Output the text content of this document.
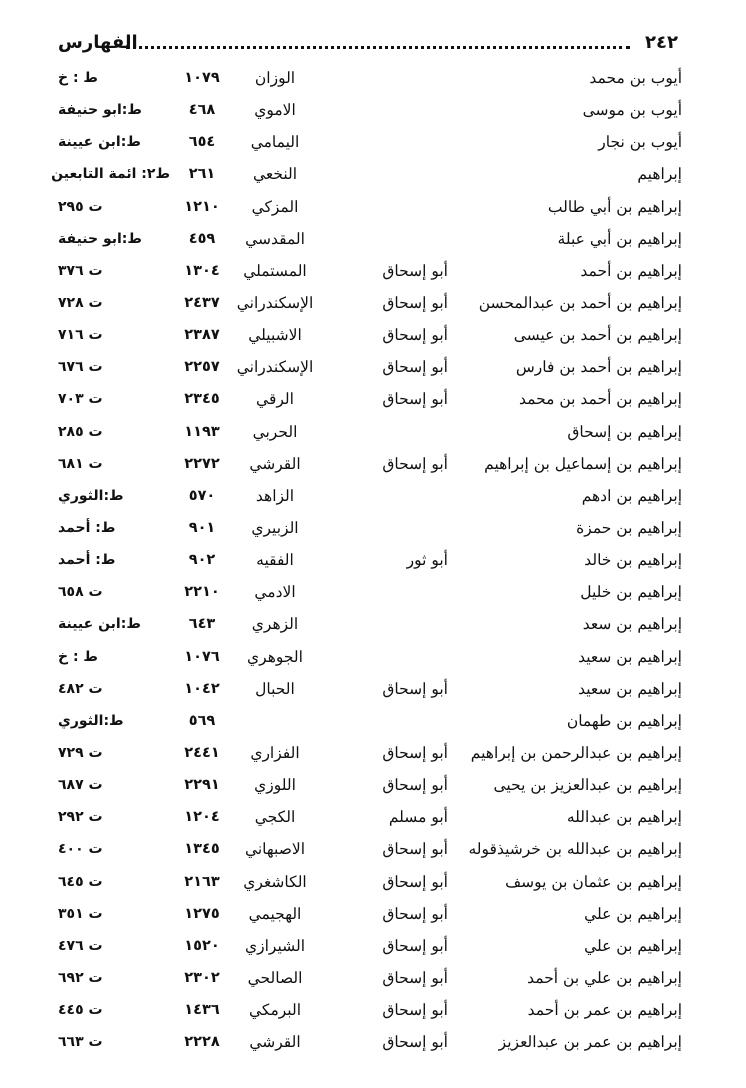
٢٤٢
الفهارس
أيوب بن محمد
الوزان
١٠٧٩
ط : خ
أيوب بن موسى
الاموي
٤٦٨
ط:ابو حنيفة
أيوب بن نجار
اليمامي
٦٥٤
ط:ابن عيينة
إبراهيم
النخعي
٢٦١
ط٢: ائمة التابعين
إبراهيم بن أبي طالب
المزكي
١٢١٠
ت ٢٩٥
إبراهيم بن أبي عبلة
المقدسي
٤٥٩
ط:ابو حنيفة
إبراهيم بن أحمد
أبو إسحاق
المستملي
١٣٠٤
ت ٣٧٦
إبراهيم بن أحمد بن عبدالمحسن
أبو إسحاق
الإسكندراني
٢٤٣٧
ت ٧٢٨
إبراهيم بن أحمد بن عيسى
أبو إسحاق
الاشبيلي
٢٣٨٧
ت ٧١٦
إبراهيم بن أحمد بن فارس
أبو إسحاق
الإسكندراني
٢٢٥٧
ت ٦٧٦
إبراهيم بن أحمد بن محمد
أبو إسحاق
الرقي
٢٣٤٥
ت ٧٠٣
إبراهيم بن إسحاق
الحربي
١١٩٣
ت ٢٨٥
إبراهيم بن إسماعيل بن إبراهيم
أبو إسحاق
القرشي
٢٢٧٢
ت ٦٨١
إبراهيم بن ادهم
الزاهد
٥٧٠
ط:الثوري
إبراهيم بن حمزة
الزبيري
٩٠١
ط: أحمد
إبراهيم بن خالد
أبو ثور
الفقيه
٩٠٢
ط: أحمد
إبراهيم بن خليل
الادمي
٢٢١٠
ت ٦٥٨
إبراهيم بن سعد
الزهري
٦٤٣
ط:ابن عيينة
إبراهيم بن سعيد
الجوهري
١٠٧٦
ط : خ
إبراهيم بن سعيد
أبو إسحاق
الحبال
١٠٤٢
ت ٤٨٢
إبراهيم بن طهمان
٥٦٩
ط:الثوري
إبراهيم بن عبدالرحمن بن إبراهيم
أبو إسحاق
الفزاري
٢٤٤١
ت ٧٢٩
إبراهيم بن عبدالعزيز بن يحيى
أبو إسحاق
اللوزي
٢٢٩١
ت ٦٨٧
إبراهيم بن عبدالله
أبو مسلم
الكجي
١٢٠٤
ت ٢٩٢
إبراهيم بن عبدالله بن خرشيذقوله
أبو إسحاق
الاصبهاني
١٣٤٥
ت ٤٠٠
إبراهيم بن عثمان بن يوسف
أبو إسحاق
الكاشغري
٢١٦٣
ت ٦٤٥
إبراهيم بن علي
أبو إسحاق
الهجيمي
١٢٧٥
ت ٣٥١
إبراهيم بن علي
أبو إسحاق
الشيرازي
١٥٢٠
ت ٤٧٦
إبراهيم بن علي بن أحمد
أبو إسحاق
الصالحي
٢٣٠٢
ت ٦٩٢
إبراهيم بن عمر بن أحمد
أبو إسحاق
البرمكي
١٤٣٦
ت ٤٤٥
إبراهيم بن عمر بن عبدالعزيز
أبو إسحاق
القرشي
٢٢٢٨
ت ٦٦٣
